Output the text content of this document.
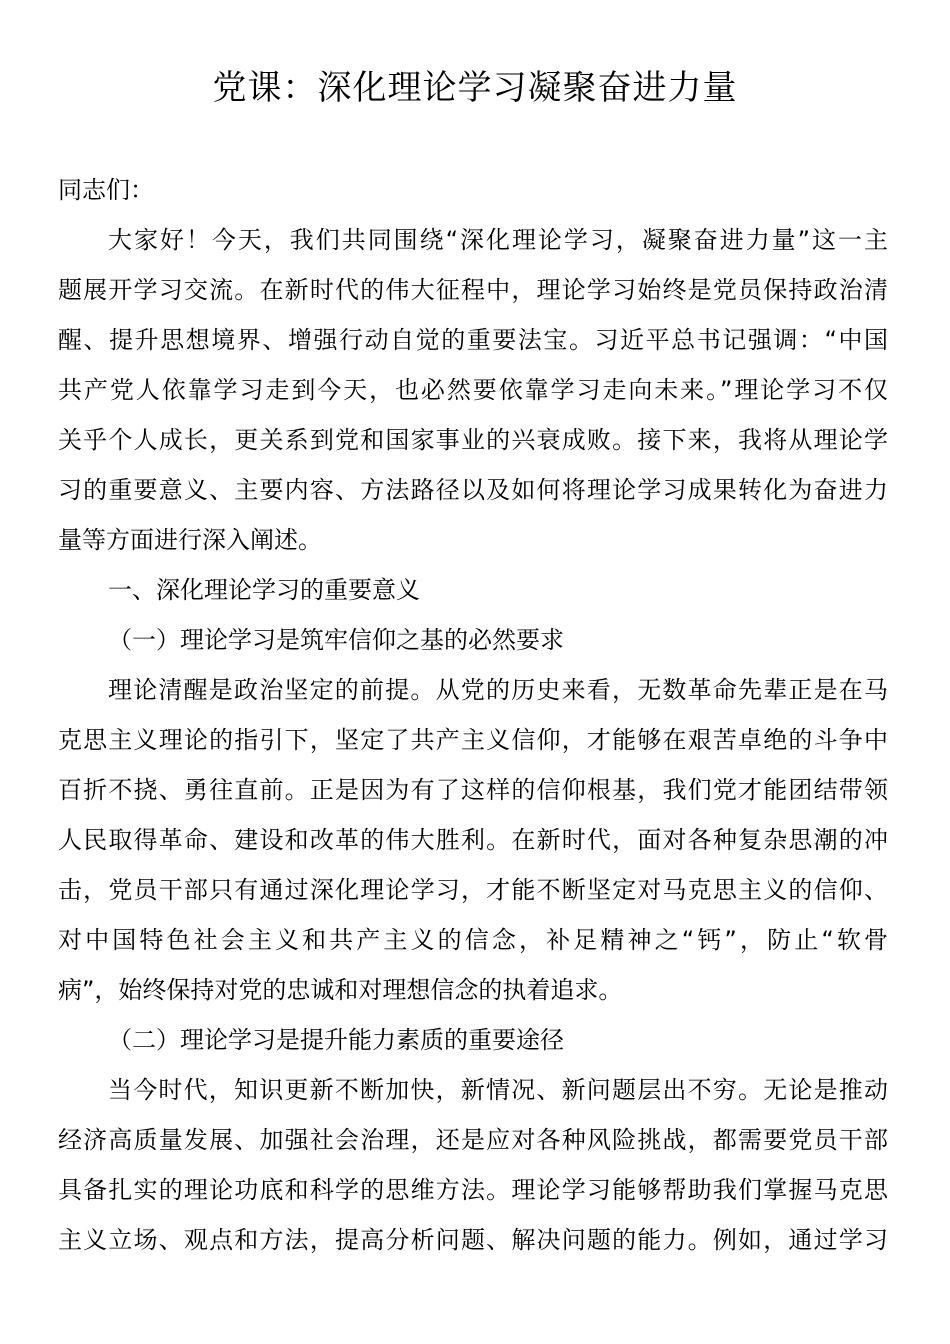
党课：深化理论学习凝聚奋进力量
同志们：
大家好！今天，我们共同围绕“深化理论学习，凝聚奋进力量”这一主
题展开学习交流。在新时代的伟大征程中，理论学习始终是党员保持政治清
醒、提升思想境界、增强行动自觉的重要法宝。习近平总书记强调：“中国
共产党人依靠学习走到今天，也必然要依靠学习走向未来。”理论学习不仅
关乎个人成长，更关系到党和国家事业的兴衰成败。接下来，我将从理论学
习的重要意义、主要内容、方法路径以及如何将理论学习成果转化为奋进力
量等方面进行深入阐述。
一、深化理论学习的重要意义
（一）理论学习是筑牢信仰之基的必然要求
理论清醒是政治坚定的前提。从党的历史来看，无数革命先辈正是在马
克思主义理论的指引下，坚定了共产主义信仰，才能够在艰苦卓绝的斗争中
百折不挠、勇往直前。正是因为有了这样的信仰根基，我们党才能团结带领
人民取得革命、建设和改革的伟大胜利。在新时代，面对各种复杂思潮的冲
击，党员干部只有通过深化理论学习，才能不断坚定对马克思主义的信仰、
对中国特色社会主义和共产主义的信念，补足精神之“钙”，防止“软骨
病”，始终保持对党的忠诚和对理想信念的执着追求。
（二）理论学习是提升能力素质的重要途径
当今时代，知识更新不断加快，新情况、新问题层出不穷。无论是推动
经济高质量发展、加强社会治理，还是应对各种风险挑战，都需要党员干部
具备扎实的理论功底和科学的思维方法。理论学习能够帮助我们掌握马克思
主义立场、观点和方法，提高分析问题、解决问题的能力。例如，通过学习
